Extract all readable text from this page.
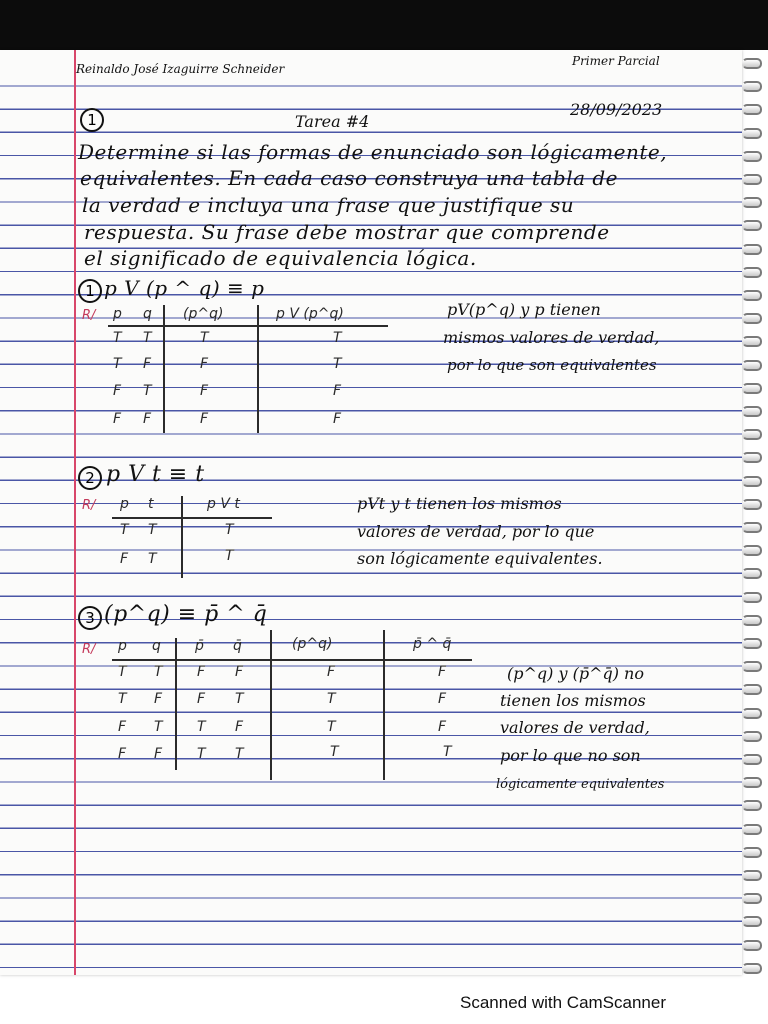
Reinaldo José Izaguirre Schneider
Primer Parcial
1	Tarea #4
28/09/2023
Determine si las formas de enunciado son lógicamente,
equivalentes. En cada caso construya una tabla de
la verdad e incluya una frase que justifique su
respuesta. Su frase debe mostrar que comprende
el significado de equivalencia lógica.
1 p V (p ^ q) ≡ p
R/ p q (p^q)	p V (p^q)
T T	T	T
T F	F	T
F T	F	F
F F	F	F
pV(p^q) y p tienen
mismos valores de verdad,
por lo que son equivalentes
2 p V t ≡ t
R/ p t	p V t
T T	T
F T	T
pVt y t tienen los mismos
valores de verdad, por lo que
son lógicamente equivalentes.
3 (p^q) ≡ p̄ ^ q̄
R/ p q p̄ q̄	(p^q)	p̄ ^ q̄
T T F F	F	F
T F F T	T	F
F T T F	T	F
F F T T	T	T
(p^q) y (p̄^q̄) no
tienen los mismos
valores de verdad,
por lo que no son
lógicamente equivalentes
Scanned with CamScanner
